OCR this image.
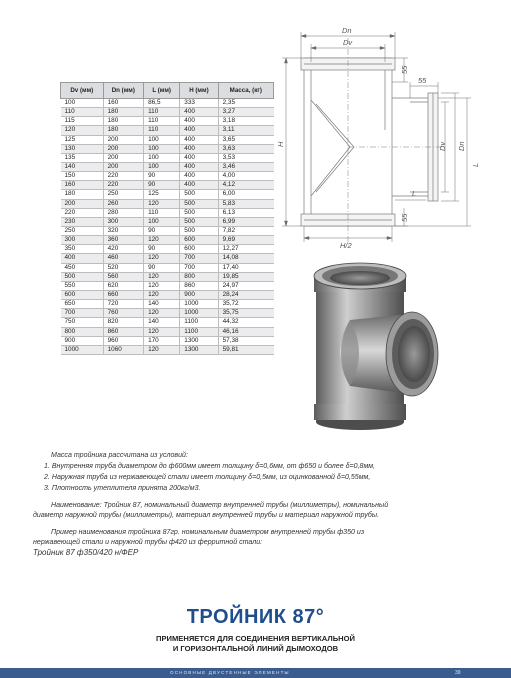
Dv (мм)	Dn (мм)	L (мм)	H (мм)	Масса, (кг)
100	160	86,5	333	2,35
110	180	110	400	3,27
115	180	110	400	3,18
120	180	110	400	3,11
125	200	100	400	3,65
130	200	100	400	3,63
135	200	100	400	3,53
140	200	100	400	3,46
150	220	90	400	4,00
160	220	90	400	4,12
180	250	125	500	6,00
200	260	120	500	5,83
220	280	110	500	6,13
230	300	100	500	6,99
250	320	90	500	7,82
300	360	120	600	9,69
350	420	90	600	12,27
400	460	120	700	14,08
450	520	90	700	17,40
500	560	120	800	19,85
550	620	120	860	24,97
600	660	120	900	28,24
650	720	140	1000	35,72
700	760	120	1000	35,75
750	820	140	1100	44,32
800	860	120	1100	46,16
900	960	170	1300	57,38
1000	1060	120	1300	59,81
Dn
Dv
55
55
H
H/2
55
L
Dv Dn
L
Масса тройника рассчитана из условий:
1. Внутренняя труба диаметром до ф600мм имеет толщину δ=0,6мм, от ф650 и более δ=0,8мм,
2. Наружная труба из нержавеющей стали имеет толщину δ=0,5мм, из оцинкованной δ=0,55мм,
3. Плотность утеплителя принята 200кг/м3.
Наименование: Тройник 87, номинальный диаметр внутренней трубы (миллиметры), номинальный
диаметр наружной трубы (миллиметры), материал внутренней трубы и материал наружной трубы.
Пример наименования тройника 87гр. номинальным диаметром внутренней трубы ф350 из
нержавеющей стали и наружной трубы ф420 из ферритной стали:
Тройник 87 ф350/420 н/ФЕР
ТРОЙНИК 87°
ПРИМЕНЯЕТСЯ ДЛЯ СОЕДИНЕНИЯ ВЕРТИКАЛЬНОЙ
И ГОРИЗОНТАЛЬНОЙ ЛИНИЙ ДЫМОХОДОВ
ОСНОВНЫЕ ДВУСТЕННЫЕ ЭЛЕМЕНТЫ	39
